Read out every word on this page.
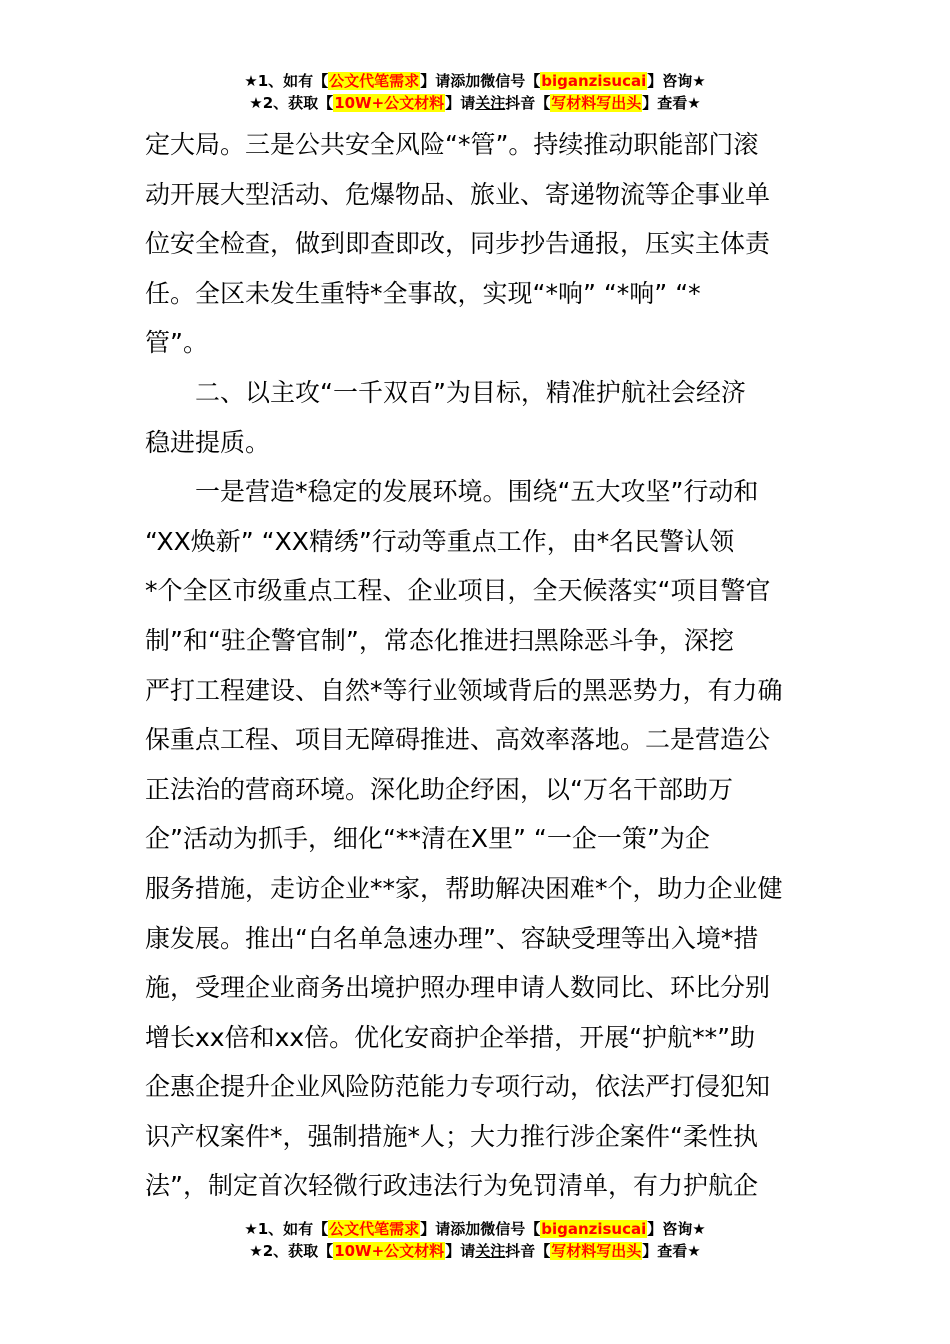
★1、如有【公文代笔需求】请添加微信号【biganzisucai】咨询★
★2、获取【10W+公文材料】请关注抖音【写材料写出头】查看★
定大局。三是公共安全风险“*管”。持续推动职能部门滚
动开展大型活动、危爆物品、旅业、寄递物流等企事业单
位安全检查，做到即查即改，同步抄告通报，压实主体责
任。全区未发生重特*全事故，实现“*响” “*响” “*
管”。
二、以主攻“一千双百”为目标，精准护航社会经济
稳进提质。
一是营造*稳定的发展环境。围绕“五大攻坚”行动和
“XX焕新” “XX精绣”行动等重点工作，由*名民警认领
*个全区市级重点工程、企业项目，全天候落实“项目警官
制”和“驻企警官制”，常态化推进扫黑除恶斗争，深挖
严打工程建设、自然*等行业领域背后的黑恶势力，有力确
保重点工程、项目无障碍推进、高效率落地。二是营造公
正法治的营商环境。深化助企纾困，以“万名干部助万
企”活动为抓手，细化“**清在X里” “一企一策”为企
服务措施，走访企业**家，帮助解决困难*个，助力企业健
康发展。推出“白名单急速办理”、容缺受理等出入境*措
施，受理企业商务出境护照办理申请人数同比、环比分别
增长xx倍和xx倍。优化安商护企举措，开展“护航**”助
企惠企提升企业风险防范能力专项行动，依法严打侵犯知
识产权案件*，强制措施*人；大力推行涉企案件“柔性执
法”，制定首次轻微行政违法行为免罚清单，有力护航企
★1、如有【公文代笔需求】请添加微信号【biganzisucai】咨询★
★2、获取【10W+公文材料】请关注抖音【写材料写出头】查看★
